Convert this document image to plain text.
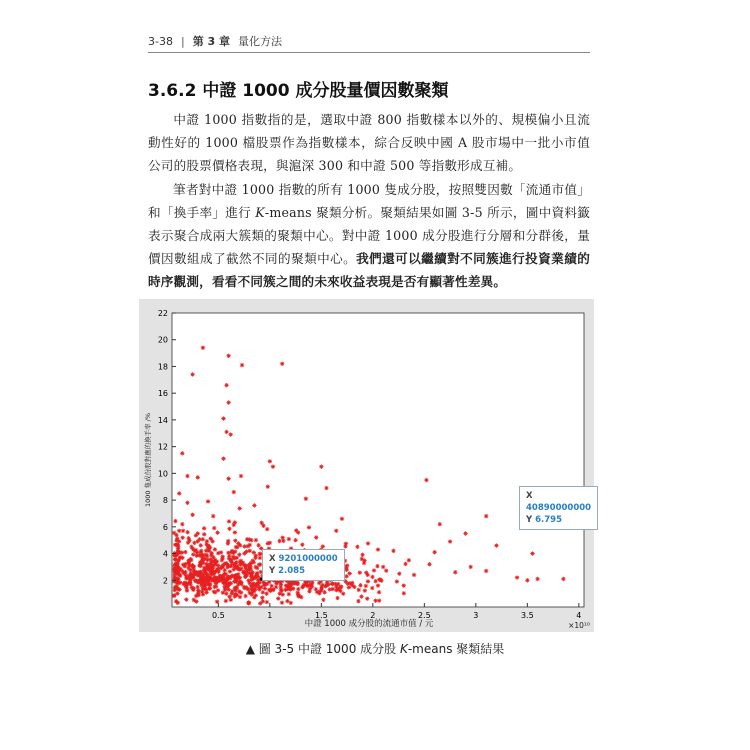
3-38 | 第 3 章 量化方法
3.6.2 中證 1000 成分股量價因數聚類
中證 1000 指數指的是，選取中證 800 指數樣本以外的、規模偏小且流動性好的 1000 檔股票作為指數樣本，綜合反映中國 A 股市場中一批小市值公司的股票價格表現，與滬深 300 和中證 500 等指數形成互補。
筆者對中證 1000 指數的所有 1000 隻成分股，按照雙因數「流通市值」和「換手率」進行 K-means 聚類分析。聚類結果如圖 3-5 所示，圖中資料籤表示聚合成兩大簇類的聚類中心。對中證 1000 成分股進行分層和分群後，量價因數組成了截然不同的聚類中心。我們還可以繼續對不同簇進行投資業績的時序觀測，看看不同簇之間的未來收益表現是否有顯著性差異。
0.5	1	1.5	2	2.5	3	3.5	4
2
4
6
8
10
12
14
16
18
20
22
中證 1000 成分股的流通市值 / 元	×10¹⁰
1000 隻成份股對應的換手率 /%
X 9201000000
Y 2.085
X 40890000000
Y 6.795
▲ 圖 3-5 中證 1000 成分股 K-means 聚類結果
